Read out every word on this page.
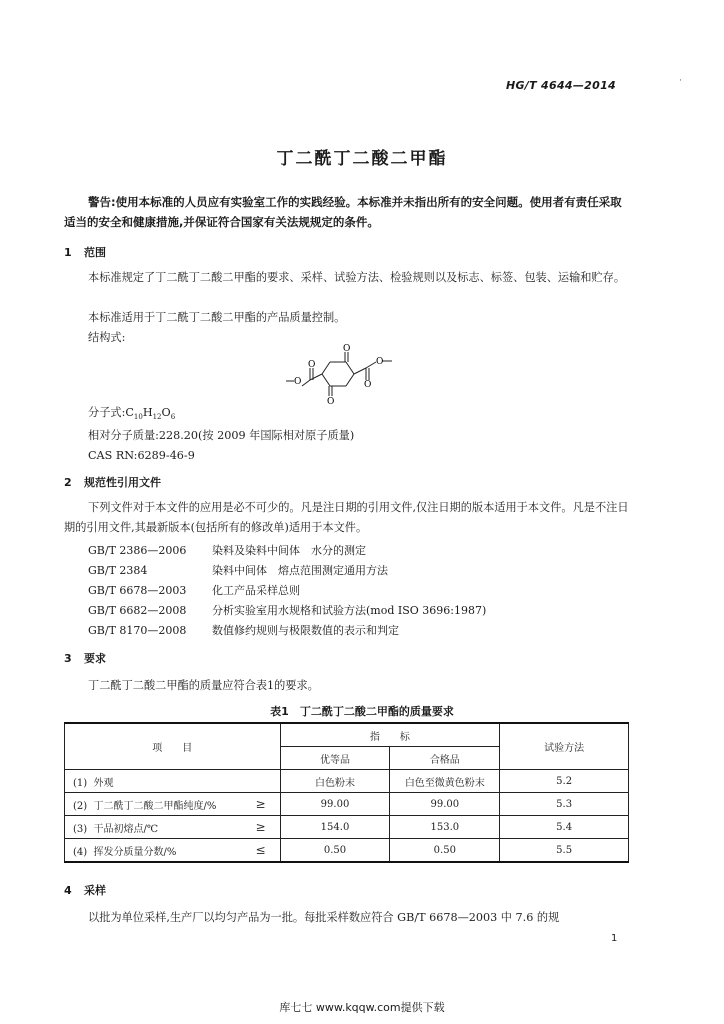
HG/T 4644—2014	·
丁二酰丁二酸二甲酯
警告:使用本标准的人员应有实验室工作的实践经验。本标准并未指出所有的安全问题。使用者有责任采取适当的安全和健康措施,并保证符合国家有关法规规定的条件。
1 范围
本标准规定了丁二酰丁二酸二甲酯的要求、采样、试验方法、检验规则以及标志、标签、包装、运输和贮存。
本标准适用于丁二酰丁二酸二甲酯的产品质量控制。
结构式:
O
O
O
O
O
O
分子式$:C_{10}H_{12}O_6$
相对分子质量:228.20(按 2009 年国际相对原子质量)
CAS RN:6289-46-9
2 规范性引用文件
下列文件对于本文件的应用是必不可少的。凡是注日期的引用文件,仅注日期的版本适用于本文件。凡是不注日期的引用文件,其最新版本(包括所有的修改单)适用于本文件。
GB/T 2386—2006 染料及染料中间体　水分的测定
GB/T 2384	染料中间体　熔点范围测定通用方法
GB/T 6678—2003 化工产品采样总则
GB/T 6682—2008 分析实验室用水规格和试验方法(mod ISO 3696:1987)
GB/T 8170—2008 数值修约规则与极限数值的表示和判定
3 要求
丁二酰丁二酸二甲酯的质量应符合表1的要求。
表1　丁二酰丁二酸二甲酯的质量要求
项　　目	指　　标		试验方法
	优等品	合格品	
(1) 外观	白色粉末	白色至微黄色粉末	5.2
(2) 丁二酰丁二酸二甲酯纯度/% ≥	99.00	99.00	5.3
(3) 干品初熔点/℃ ≥	154.0	153.0	5.4
(4) 挥发分质量分数/% ≤	0.50	0.50	5.5
4 采样
以批为单位采样,生产厂以均匀产品为一批。每批采样数应符合 GB/T 6678—2003 中 7.6 的规
1
库七七 www.kqqw.com提供下载
